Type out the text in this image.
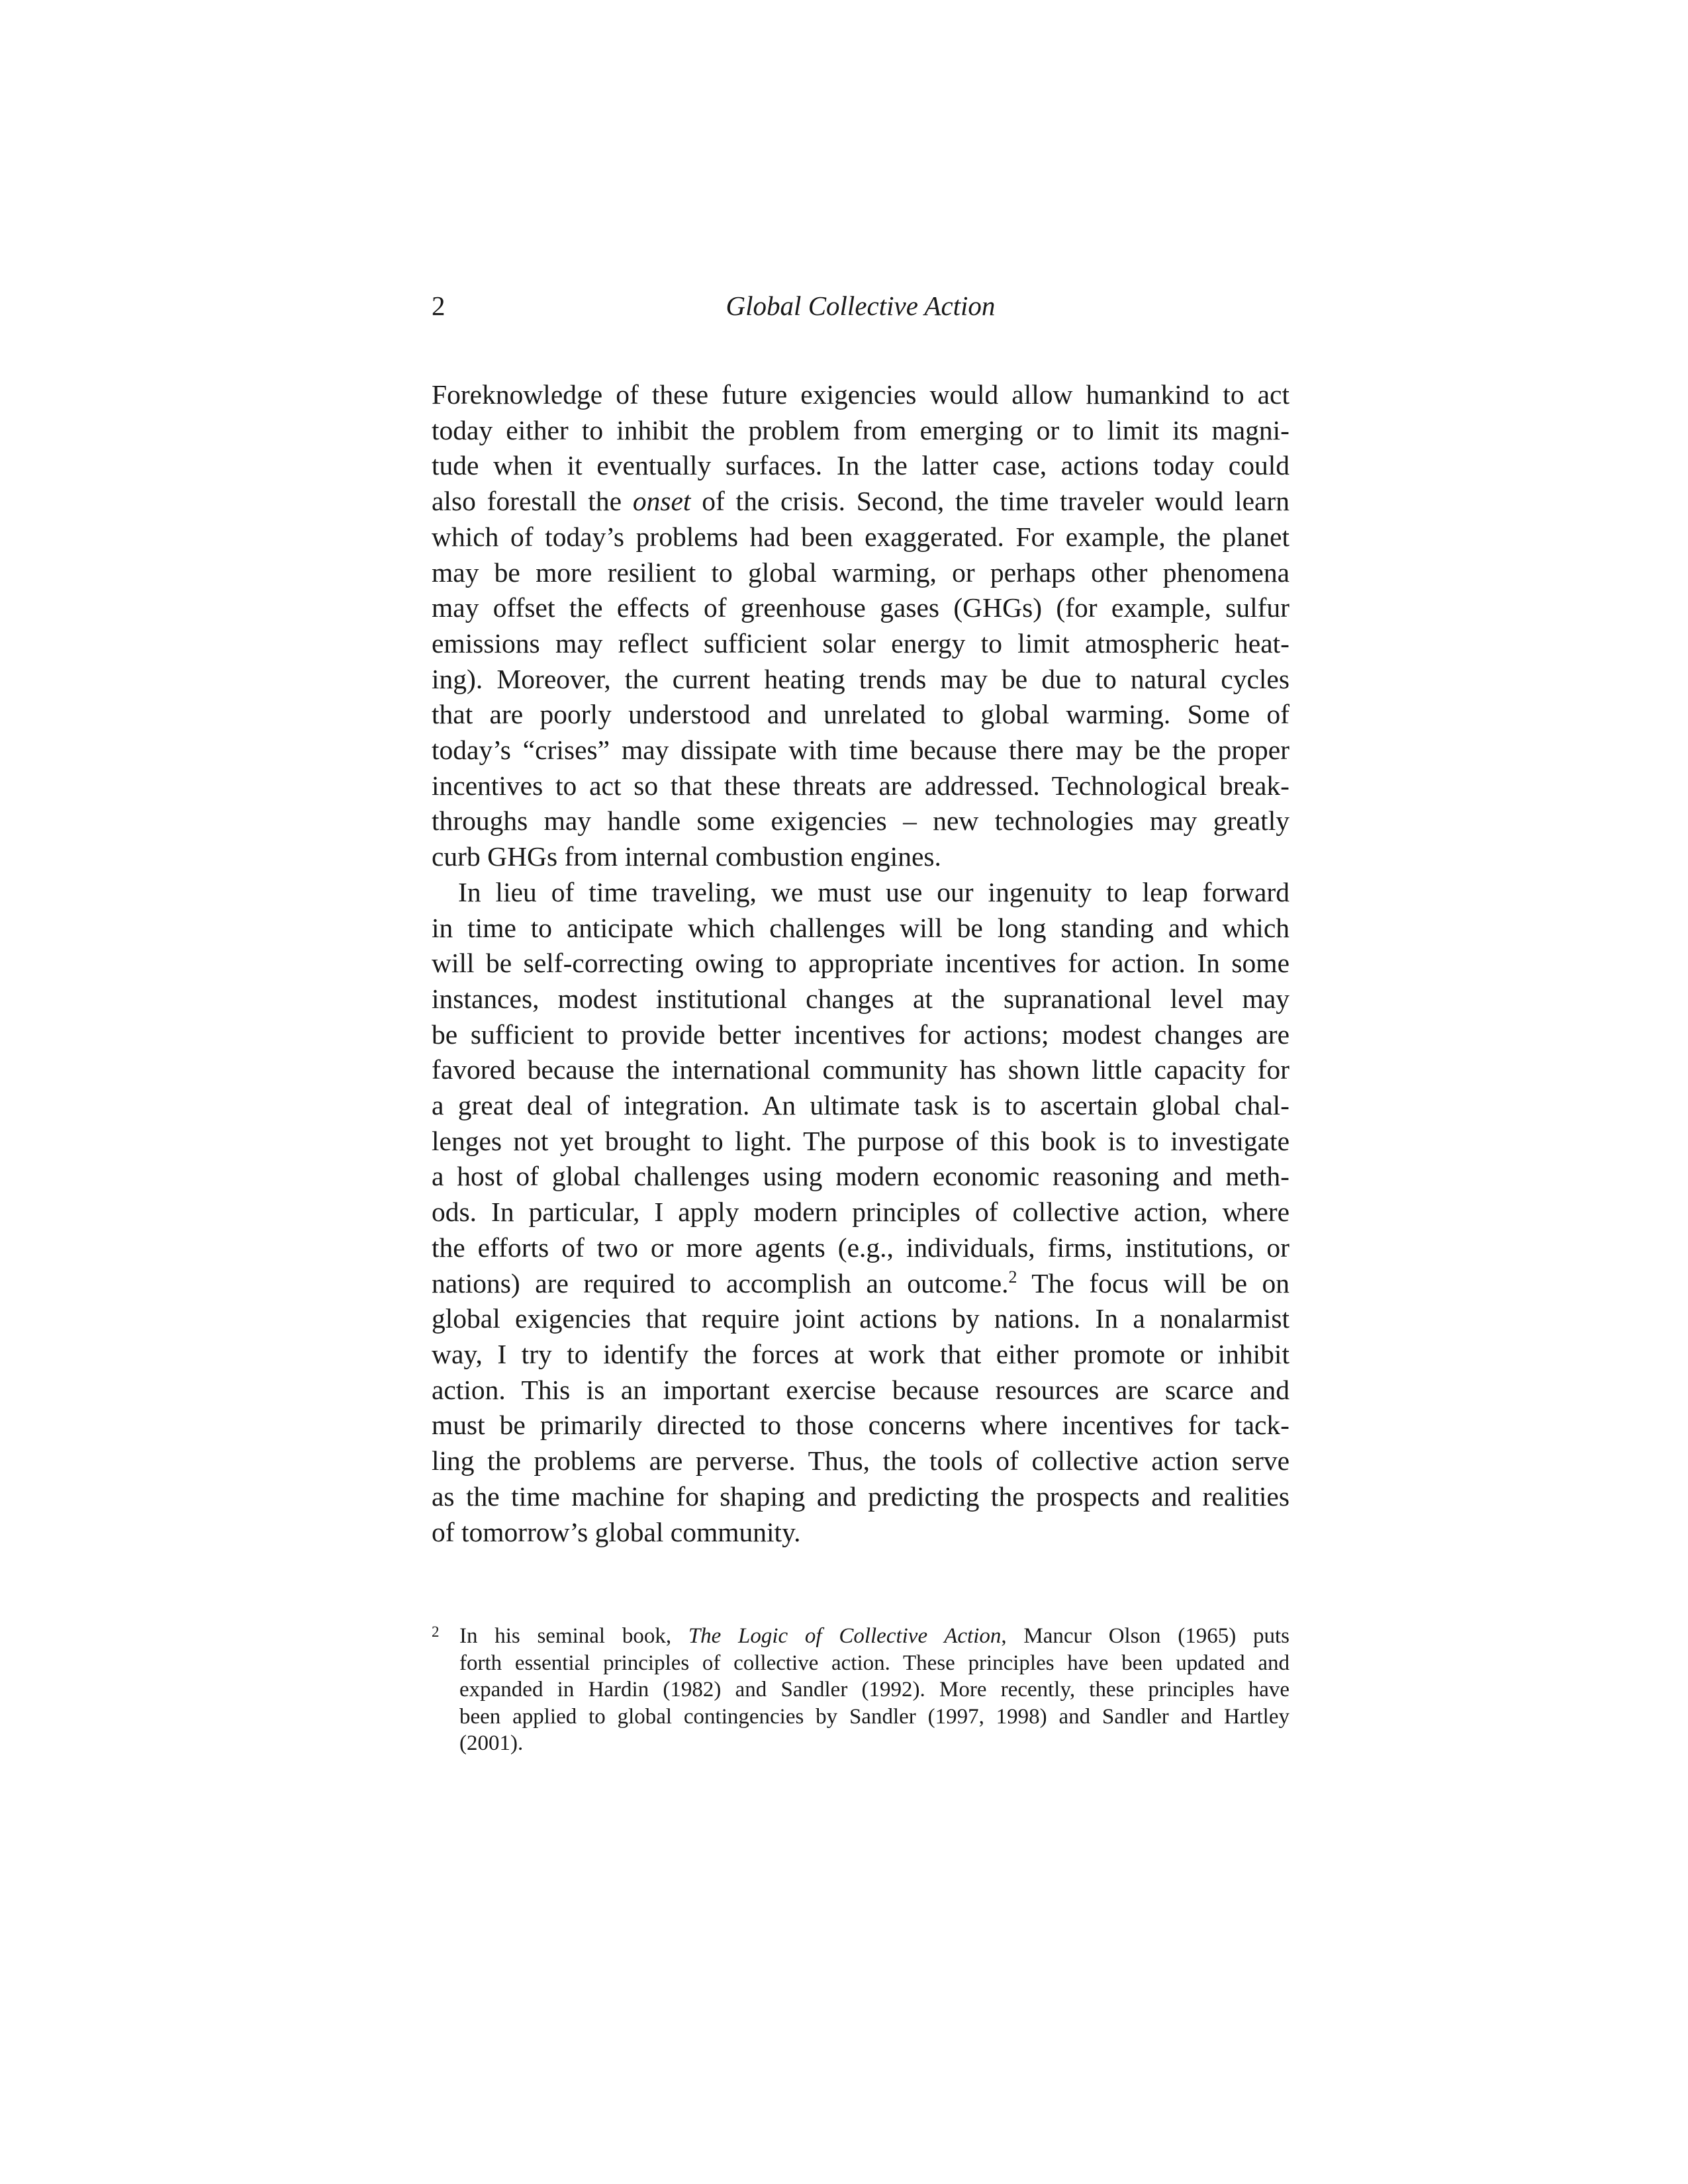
2	Global Collective Action
Foreknowledge of these future exigencies would allow humankind to act
today either to inhibit the problem from emerging or to limit its magni-
tude when it eventually surfaces. In the latter case, actions today could
also forestall the onset of the crisis. Second, the time traveler would learn
which of today’s problems had been exaggerated. For example, the planet
may be more resilient to global warming, or perhaps other phenomena
may offset the effects of greenhouse gases (GHGs) (for example, sulfur
emissions may reflect sufficient solar energy to limit atmospheric heat-
ing). Moreover, the current heating trends may be due to natural cycles
that are poorly understood and unrelated to global warming. Some of
today’s “crises” may dissipate with time because there may be the proper
incentives to act so that these threats are addressed. Technological break-
throughs may handle some exigencies – new technologies may greatly
curb GHGs from internal combustion engines.
In lieu of time traveling, we must use our ingenuity to leap forward
in time to anticipate which challenges will be long standing and which
will be self-correcting owing to appropriate incentives for action. In some
instances, modest institutional changes at the supranational level may
be sufficient to provide better incentives for actions; modest changes are
favored because the international community has shown little capacity for
a great deal of integration. An ultimate task is to ascertain global chal-
lenges not yet brought to light. The purpose of this book is to investigate
a host of global challenges using modern economic reasoning and meth-
ods. In particular, I apply modern principles of collective action, where
the efforts of two or more agents (e.g., individuals, firms, institutions, or
nations) are required to accomplish an outcome.$^2$ The focus will be on
global exigencies that require joint actions by nations. In a nonalarmist
way, I try to identify the forces at work that either promote or inhibit
action. This is an important exercise because resources are scarce and
must be primarily directed to those concerns where incentives for tack-
ling the problems are perverse. Thus, the tools of collective action serve
as the time machine for shaping and predicting the prospects and realities
of tomorrow’s global community.
2 In his seminal book, The Logic of Collective Action, Mancur Olson (1965) puts
forth essential principles of collective action. These principles have been updated and
expanded in Hardin (1982) and Sandler (1992). More recently, these principles have
been applied to global contingencies by Sandler (1997, 1998) and Sandler and Hartley
(2001).
